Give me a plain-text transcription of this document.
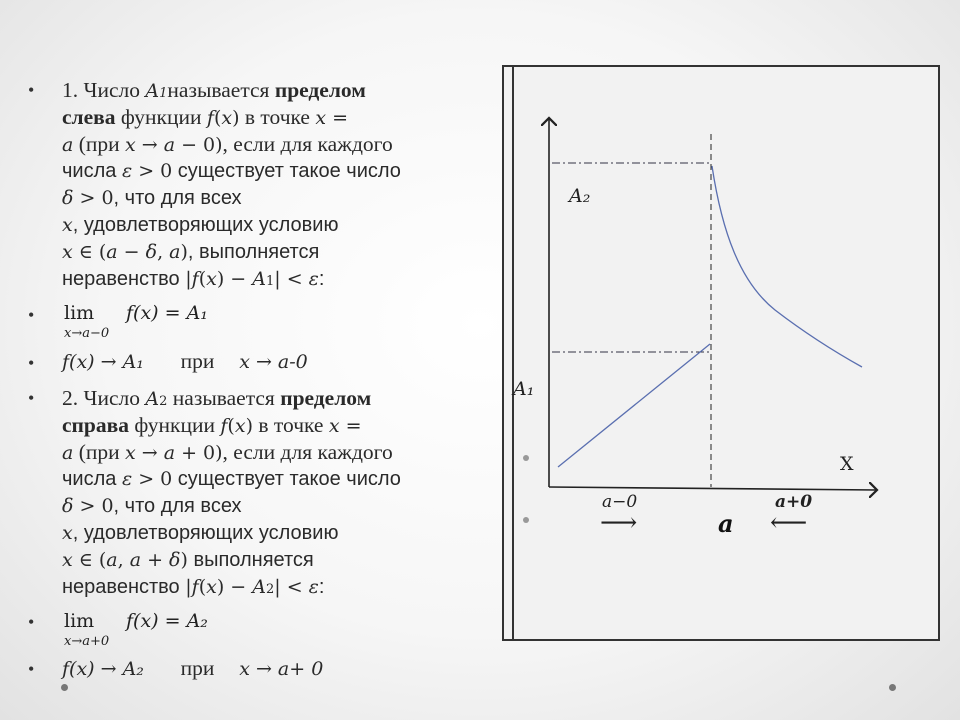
• 1. Число A1называется пределом
слева функции f(x) в точке x =
a (при x → a − 0), если для каждого
числа ε > 0 существует такое число
δ > 0, что для всех
x, удовлетворяющих условию
x ∈ (a − δ, a), выполняется
неравенство |f(x) − A1| < ε:
• lim
x→a−0
f(x) = A₁
• f(x) → A₁ при x → a-0
• 2. Число A2 называется пределом
справа функции f(x) в точке x =
a (при x → a + 0), если для каждого
числа ε > 0 существует такое число
δ > 0, что для всех
x, удовлетворяющих условию
x ∈ (a, a + δ) выполняется
неравенство |f(x) − A2| < ε:
• lim
x→a+0
f(x) = A₂
• f(x) → A₂ при x → a+ 0
A₂
A₁
X
a−0	a+0
a
⟶	⟵
